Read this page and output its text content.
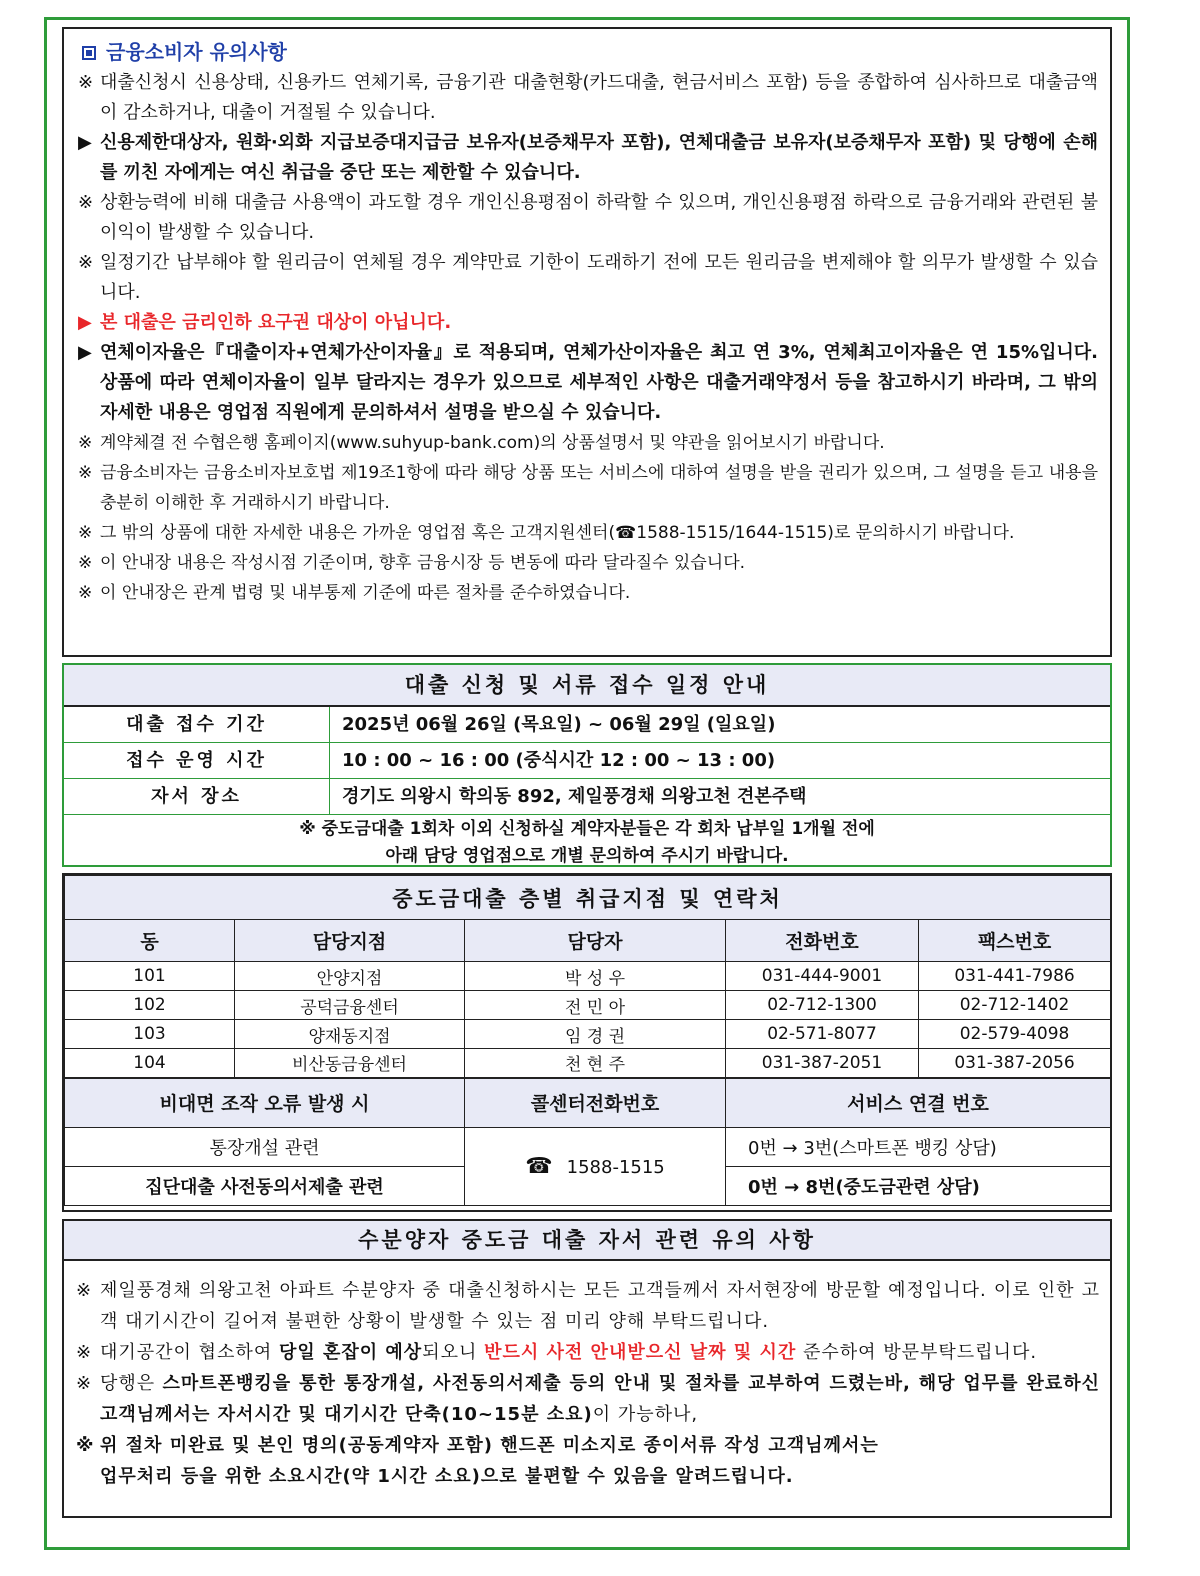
금융소비자 유의사항
※ 대출신청시 신용상태, 신용카드 연체기록, 금융기관 대출현황(카드대출, 현금서비스 포함) 등을 종합하여 심사하므로 대출금액이 감소하거나, 대출이 거절될 수 있습니다.
▶ 신용제한대상자, 원화·외화 지급보증대지급금 보유자(보증채무자 포함), 연체대출금 보유자(보증채무자 포함) 및 당행에 손해를 끼친 자에게는 여신 취급을 중단 또는 제한할 수 있습니다.
※ 상환능력에 비해 대출금 사용액이 과도할 경우 개인신용평점이 하락할 수 있으며, 개인신용평점 하락으로 금융거래와 관련된 불이익이 발생할 수 있습니다.
※ 일정기간 납부해야 할 원리금이 연체될 경우 계약만료 기한이 도래하기 전에 모든 원리금을 변제해야 할 의무가 발생할 수 있습니다.
▶ 본 대출은 금리인하 요구권 대상이 아닙니다.
▶ 연체이자율은『대출이자+연체가산이자율』로 적용되며, 연체가산이자율은 최고 연 3%, 연체최고이자율은 연 15%입니다. 상품에 따라 연체이자율이 일부 달라지는 경우가 있으므로 세부적인 사항은 대출거래약정서 등을 참고하시기 바라며, 그 밖의 자세한 내용은 영업점 직원에게 문의하셔서 설명을 받으실 수 있습니다.
※ 계약체결 전 수협은행 홈페이지(www.suhyup-bank.com)의 상품설명서 및 약관을 읽어보시기 바랍니다.
※ 금융소비자는 금융소비자보호법 제19조1항에 따라 해당 상품 또는 서비스에 대하여 설명을 받을 권리가 있으며, 그 설명을 듣고 내용을 충분히 이해한 후 거래하시기 바랍니다.
※ 그 밖의 상품에 대한 자세한 내용은 가까운 영업점 혹은 고객지원센터(☎1588-1515/1644-1515)로 문의하시기 바랍니다.
※ 이 안내장 내용은 작성시점 기준이며, 향후 금융시장 등 변동에 따라 달라질수 있습니다.
※ 이 안내장은 관계 법령 및 내부통제 기준에 따른 절차를 준수하였습니다.
대출 신청 및 서류 접수 일정 안내
대출 접수 기간	2025년 06월 26일 (목요일) ~ 06월 29일 (일요일)
접수 운영 시간	10 : 00 ~ 16 : 00 (중식시간 12 : 00 ~ 13 : 00)
자서 장소	경기도 의왕시 학의동 892, 제일풍경채 의왕고천 견본주택
※ 중도금대출 1회차 이외 신청하실 계약자분들은 각 회차 납부일 1개월 전에
아래 담당 영업점으로 개별 문의하여 주시기 바랍니다.
중도금대출 층별 취급지점 및 연락처				
동	담당지점	담당자	전화번호	팩스번호
101	안양지점	박 성 우	031-444-9001	031-441-7986
102	공덕금융센터	전 민 아	02-712-1300	02-712-1402
103	양재동지점	임 경 권	02-571-8077	02-579-4098
104	비산동금융센터	천 현 주	031-387-2051	031-387-2056
비대면 조작 오류 발생 시		콜센터전화번호	서비스 연결 번호	
통장개설 관련		☎ 1588-1515	0번 → 3번(스마트폰 뱅킹 상담)	
집단대출 사전동의서제출 관련			0번 → 8번(중도금관련 상담)	
수분양자 중도금 대출 자서 관련 유의 사항
※ 제일풍경채 의왕고천 아파트 수분양자 중 대출신청하시는 모든 고객들께서 자서현장에 방문할 예정입니다. 이로 인한 고객 대기시간이 길어져 불편한 상황이 발생할 수 있는 점 미리 양해 부탁드립니다.
※ 대기공간이 협소하여 당일 혼잡이 예상되오니 반드시 사전 안내받으신 날짜 및 시간 준수하여 방문부탁드립니다.
※ 당행은 스마트폰뱅킹을 통한 통장개설, 사전동의서제출 등의 안내 및 절차를 교부하여 드렸는바, 해당 업무를 완료하신 고객님께서는 자서시간 및 대기시간 단축(10~15분 소요)이 가능하나,
※ 위 절차 미완료 및 본인 명의(공동계약자 포함) 핸드폰 미소지로 종이서류 작성 고객님께서는
업무처리 등을 위한 소요시간(약 1시간 소요)으로 불편할 수 있음을 알려드립니다.
